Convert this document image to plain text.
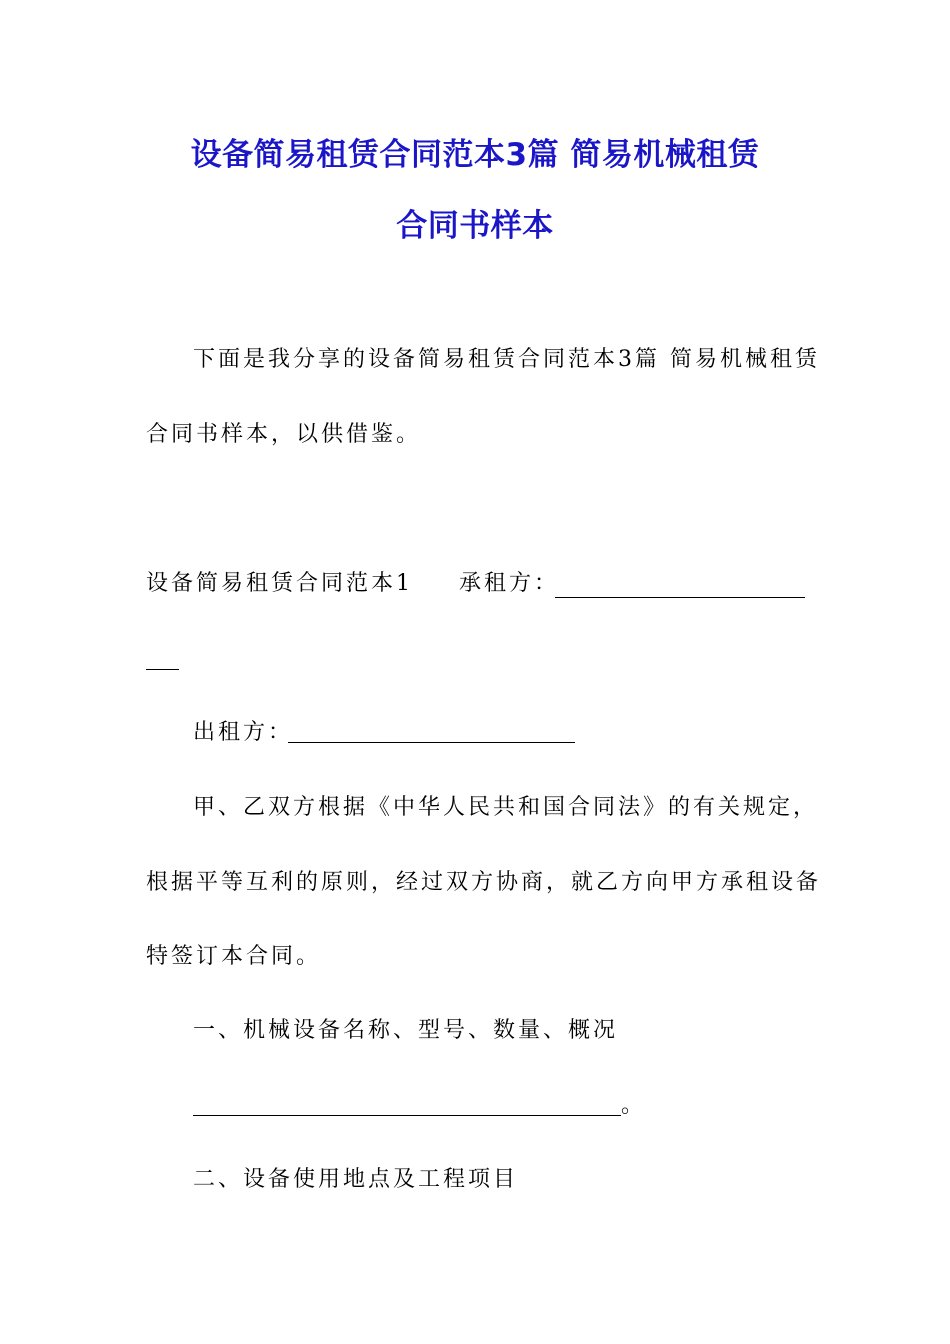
设备简易租赁合同范本3篇 简易机械租赁
合同书样本
下面是我分享的设备简易租赁合同范本3篇 简易机械租赁
合同书样本，以供借鉴。
设备简易租赁合同范本1 承租方：
出租方：
甲、乙双方根据《中华人民共和国合同法》的有关规定，
根据平等互利的原则，经过双方协商，就乙方向甲方承租设备
特签订本合同。
一、机械设备名称、型号、数量、概况
。
二、设备使用地点及工程项目
